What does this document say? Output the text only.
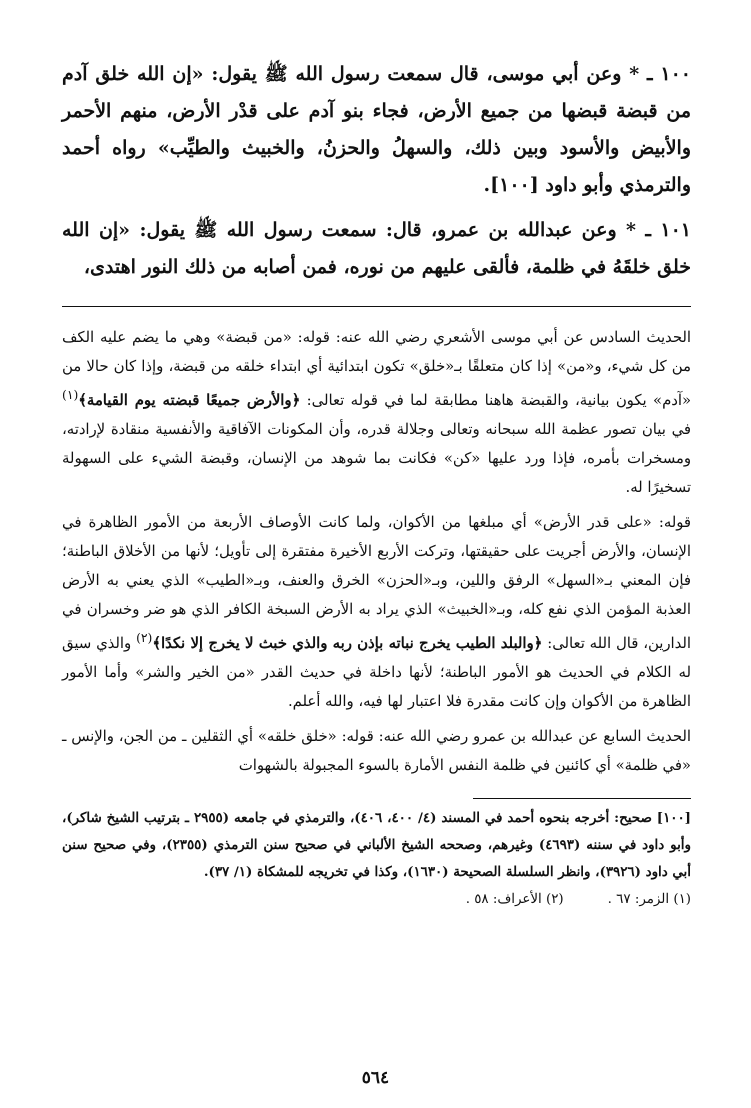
١٠٠ ـ * وعن أبي موسى، قال سمعت رسول الله ﷺ يقول: «إن الله خلق آدم من قبضة قبضها من جميع الأرض، فجاء بنو آدم على قدْر الأرض، منهم الأحمر والأبيض والأسود وبين ذلك، والسهلُ والحزنُ، والخبيث والطيِّب» رواه أحمد والترمذي وأبو داود [١٠٠].

١٠١ ـ * وعن عبدالله بن عمرو، قال: سمعت رسول الله ﷺ يقول: «إن الله خلق خلقَهُ في ظلمة، فألقى عليهم من نوره، فمن أصابه من ذلك النور اهتدى،

الحديث السادس عن أبي موسى الأشعري رضي الله عنه: قوله: «من قبضة» وهي ما يضم عليه الكف من كل شيء، و«من» إذا كان متعلقًا بـ«خلق» تكون ابتدائية أي ابتداء خلقه من قبضة، وإذا كان حالا من «آدم» يكون بيانية، والقبضة هاهنا مطابقة لما في قوله تعالى: ﴿والأرض جميعًا قبضته يوم القيامة﴾$^{(١)}$ في بيان تصور عظمة الله سبحانه وتعالى وجلالة قدره، وأن المكونات الآفاقية والأنفسية منقادة لإرادته، ومسخرات بأمره، فإذا ورد عليها «كن» فكانت بما شوهد من الإنسان، وقبضة الشيء على السهولة تسخيرًا له.

قوله: «على قدر الأرض» أي مبلغها من الأكوان، ولما كانت الأوصاف الأربعة من الأمور الظاهرة في الإنسان، والأرض أجريت على حقيقتها، وتركت الأربع الأخيرة مفتقرة إلى تأويل؛ لأنها من الأخلاق الباطنة؛ فإن المعني بـ«السهل» الرفق واللين، وبـ«الحزن» الخرق والعنف، وبـ«الطيب» الذي يعني به الأرض العذبة المؤمن الذي نفع كله، وبـ«الخبيث» الذي يراد به الأرض السبخة الكافر الذي هو ضر وخسران في الدارين، قال الله تعالى: ﴿والبلد الطيب يخرج نباته بإذن ربه والذي خبث لا يخرج إلا نكدًا﴾$^{(٢)}$ والذي سيق له الكلام في الحديث هو الأمور الباطنة؛ لأنها داخلة في حديث القدر «من الخير والشر» وأما الأمور الظاهرة من الأكوان وإن كانت مقدرة فلا اعتبار لها فيه، والله أعلم.

الحديث السابع عن عبدالله بن عمرو رضي الله عنه: قوله: «خلق خلقه» أي الثقلين ـ من الجن، والإنس ـ «في ظلمة» أي كائنين في ظلمة النفس الأمارة بالسوء المجبولة بالشهوات

[١٠٠] صحيح: أخرجه بنحوه أحمد في المسند (٤/ ٤٠٠، ٤٠٦)، والترمذي في جامعه (٢٩٥٥ ـ بترتيب الشيخ شاكر)، وأبو داود في سننه (٤٦٩٣) وغيرهم، وصححه الشيخ الألباني في صحيح سنن الترمذي (٢٣٥٥)، وفي صحيح سنن أبي داود (٣٩٢٦)، وانظر السلسلة الصحيحة (١٦٣٠)، وكذا في تخريجه للمشكاة (١/ ٣٧).

(١) الزمر: ٦٧ .
(٢) الأعراف: ٥٨ .

٥٦٤
